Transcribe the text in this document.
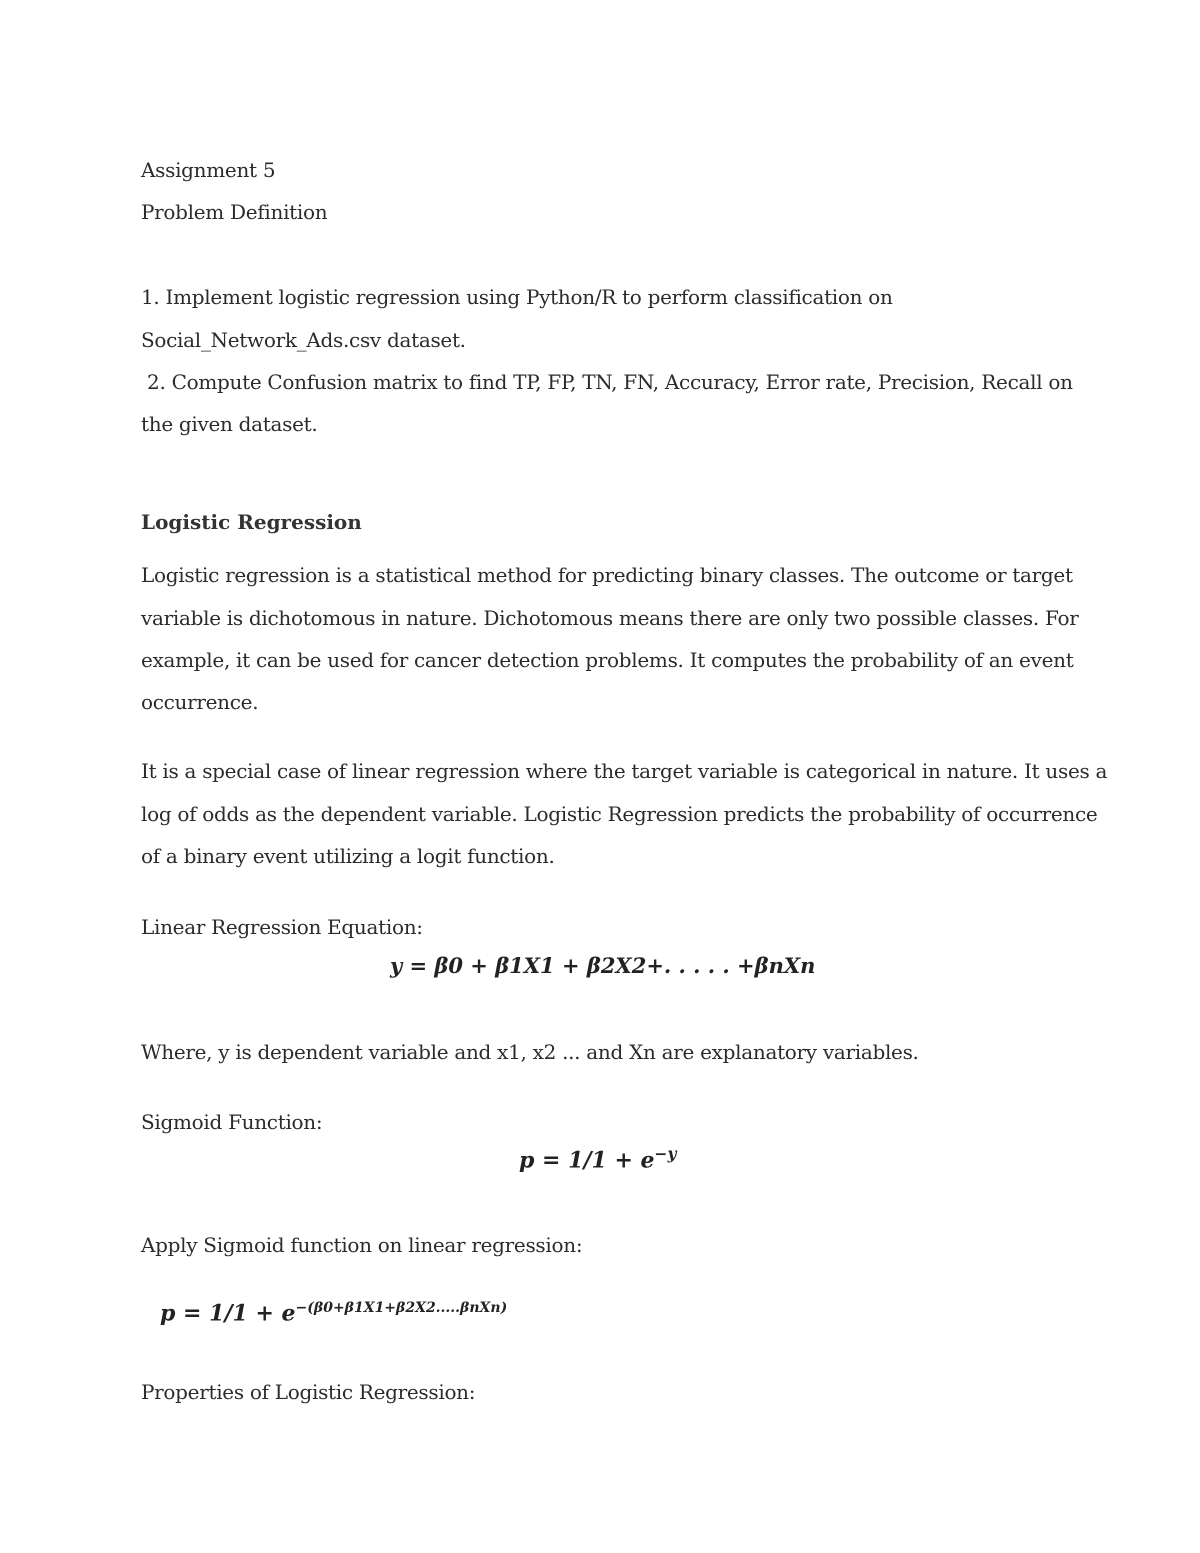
Assignment 5
Problem Definition
1. Implement logistic regression using Python/R to perform classification on
Social_Network_Ads.csv dataset.
2. Compute Confusion matrix to find TP, FP, TN, FN, Accuracy, Error rate, Precision, Recall on
the given dataset.
Logistic Regression
Logistic regression is a statistical method for predicting binary classes. The outcome or target
variable is dichotomous in nature. Dichotomous means there are only two possible classes. For
example, it can be used for cancer detection problems. It computes the probability of an event
occurrence.
It is a special case of linear regression where the target variable is categorical in nature. It uses a
log of odds as the dependent variable. Logistic Regression predicts the probability of occurrence
of a binary event utilizing a logit function.
Linear Regression Equation:
y = β0 + β1X1 + β2X2+. . . . . +βnXn
Where, y is dependent variable and x1, x2 ... and Xn are explanatory variables.
Sigmoid Function:
$p = 1/1 + e^{-y}$
Apply Sigmoid function on linear regression:
$p = 1/1 + e^{-(\beta 0+\beta 1X1+\beta 2X2.....\beta nXn)}$
Properties of Logistic Regression:
